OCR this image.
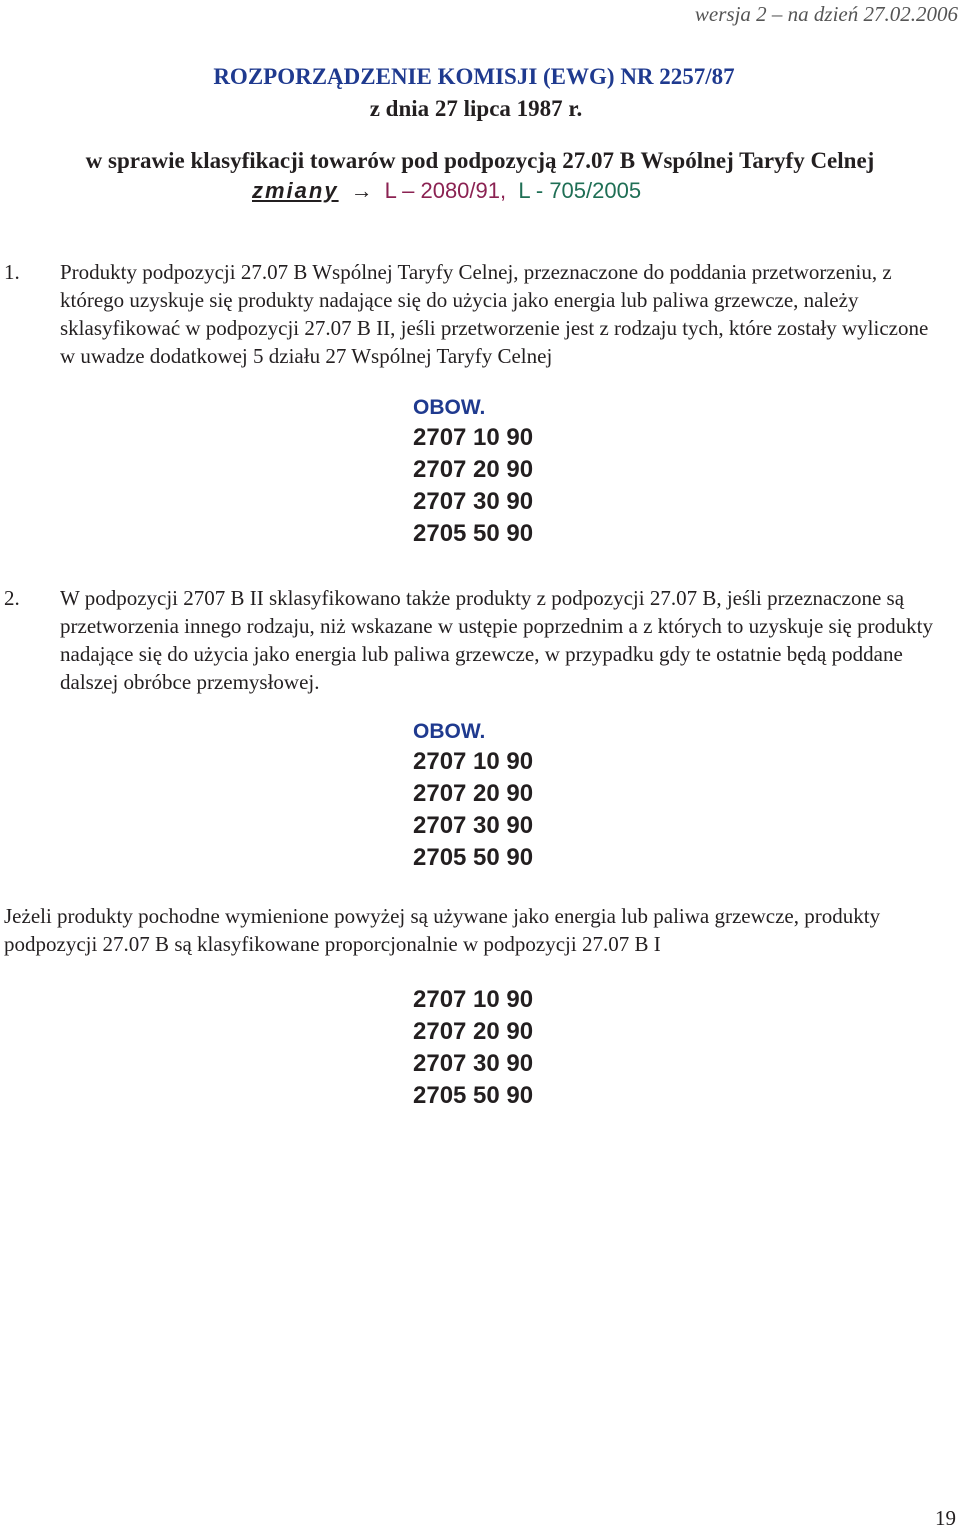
wersja 2 – na dzień 27.02.2006
ROZPORZĄDZENIE KOMISJI (EWG) NR 2257/87
z dnia 27 lipca 1987 r.
w sprawie klasyfikacji towarów pod podpozycją 27.07 B Wspólnej Taryfy Celnej
zmiany → L – 2080/91, L - 705/2005
1. Produkty podpozycji 27.07 B Wspólnej Taryfy Celnej, przeznaczone do poddania przetworzeniu, z którego uzyskuje się produkty nadające się do użycia jako energia lub paliwa grzewcze, należy sklasyfikować w podpozycji 27.07 B II, jeśli przetworzenie jest z rodzaju tych, które zostały wyliczone w uwadze dodatkowej 5 działu 27 Wspólnej Taryfy Celnej
OBOW.
2707 10 90
2707 20 90
2707 30 90
2705 50 90
2. W podpozycji 2707 B II sklasyfikowano także produkty z podpozycji 27.07 B, jeśli przeznaczone są przetworzenia innego rodzaju, niż wskazane w ustępie poprzednim a z których to uzyskuje się produkty nadające się do użycia jako energia lub paliwa grzewcze, w przypadku gdy te ostatnie będą poddane dalszej obróbce przemysłowej.
OBOW.
2707 10 90
2707 20 90
2707 30 90
2705 50 90
Jeżeli produkty pochodne wymienione powyżej są używane jako energia lub paliwa grzewcze, produkty podpozycji 27.07 B są klasyfikowane proporcjonalnie w podpozycji 27.07 B I
2707 10 90
2707 20 90
2707 30 90
2705 50 90
19
